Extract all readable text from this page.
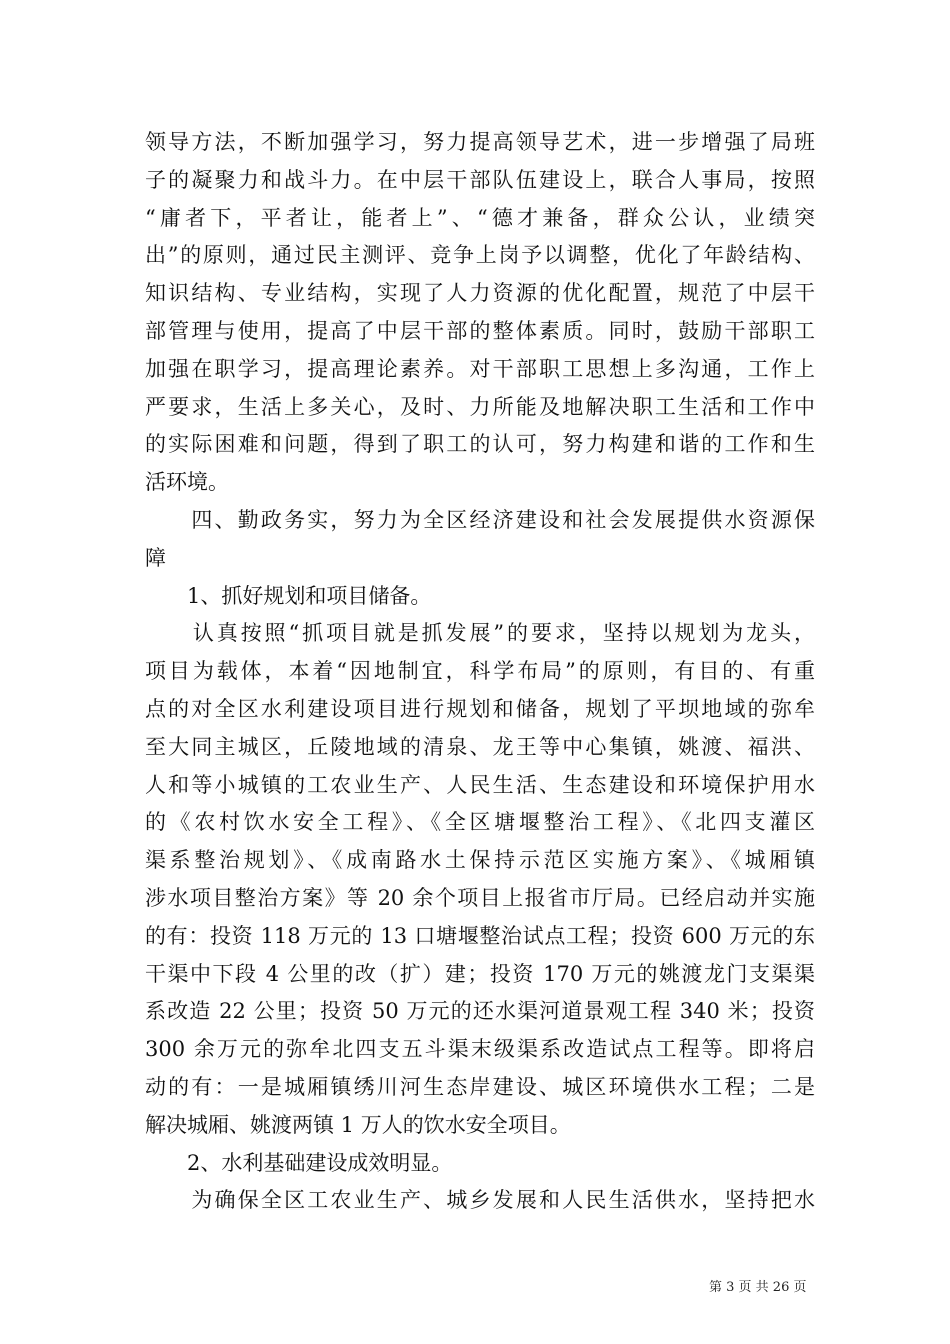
领导方法，不断加强学习，努力提高领导艺术，进一步增强了局班
子的凝聚力和战斗力。在中层干部队伍建设上，联合人事局，按照
“庸者下，平者让，能者上”、“德才兼备，群众公认，业绩突
出”的原则，通过民主测评、竞争上岗予以调整，优化了年龄结构、
知识结构、专业结构，实现了人力资源的优化配置，规范了中层干
部管理与使用，提高了中层干部的整体素质。同时，鼓励干部职工
加强在职学习，提高理论素养。对干部职工思想上多沟通，工作上
严要求，生活上多关心，及时、力所能及地解决职工生活和工作中
的实际困难和问题，得到了职工的认可，努力构建和谐的工作和生
活环境。
　　四、勤政务实，努力为全区经济建设和社会发展提供水资源保
障
　　1、抓好规划和项目储备。
　　认真按照“抓项目就是抓发展”的要求，坚持以规划为龙头，
项目为载体，本着“因地制宜，科学布局”的原则，有目的、有重
点的对全区水利建设项目进行规划和储备，规划了平坝地域的弥牟
至大同主城区，丘陵地域的清泉、龙王等中心集镇，姚渡、福洪、
人和等小城镇的工农业生产、人民生活、生态建设和环境保护用水
的《农村饮水安全工程》、《全区塘堰整治工程》、《北四支灌区
渠系整治规划》、《成南路水土保持示范区实施方案》、《城厢镇
涉水项目整治方案》等 20 余个项目上报省市厅局。已经启动并实施
的有：投资 118 万元的 13 口塘堰整治试点工程；投资 600 万元的东
干渠中下段 4 公里的改（扩）建；投资 170 万元的姚渡龙门支渠渠
系改造 22 公里；投资 50 万元的还水渠河道景观工程 340 米；投资
300 余万元的弥牟北四支五斗渠末级渠系改造试点工程等。即将启
动的有：一是城厢镇绣川河生态岸建设、城区环境供水工程；二是
解决城厢、姚渡两镇 1 万人的饮水安全项目。
　　2、水利基础建设成效明显。
　　为确保全区工农业生产、城乡发展和人民生活供水，坚持把水
第 3 页 共 26 页
